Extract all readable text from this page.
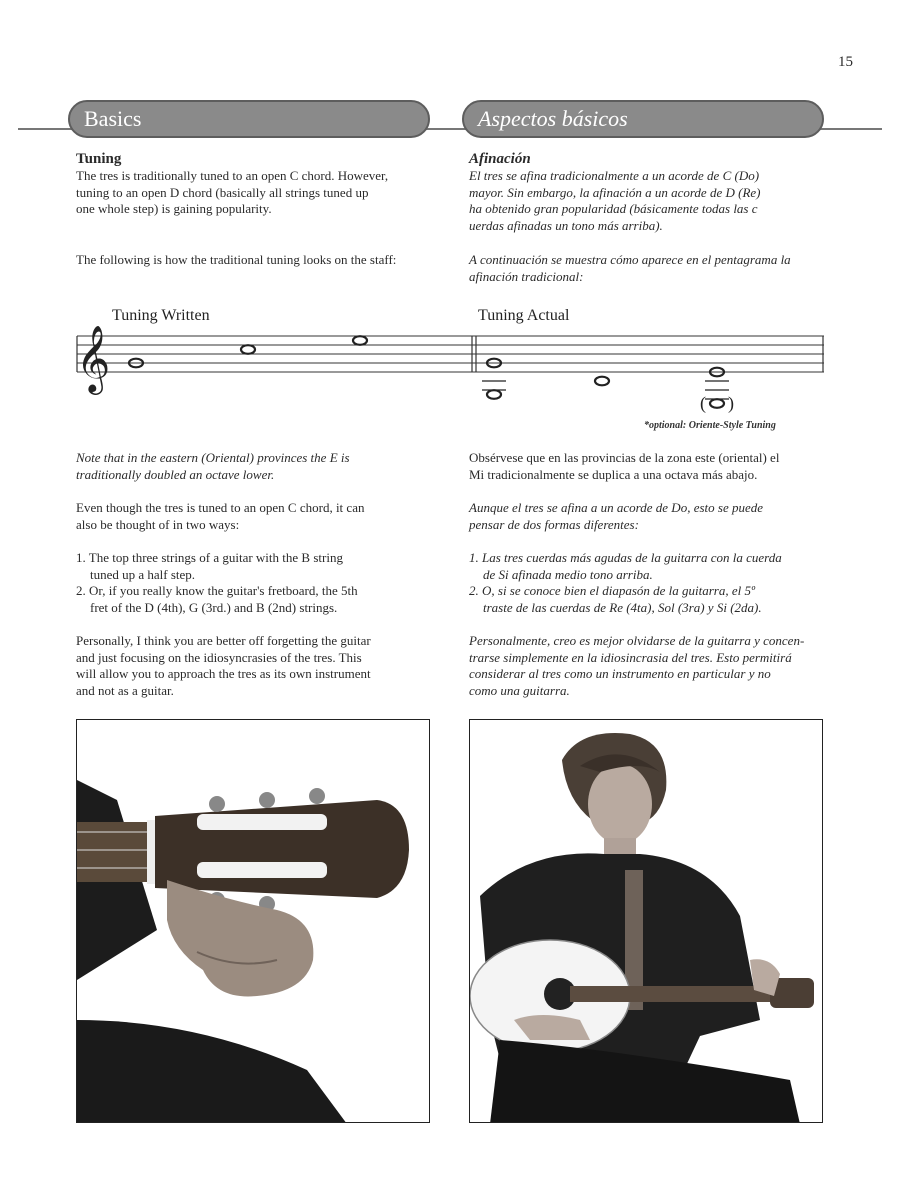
15
Basics	Aspectos básicos

Tuning

The tres is traditionally tuned to an open C chord. However,

tuning to an open D chord (basically all strings tuned up

one whole step) is gaining popularity.

The following is how the traditional tuning looks on the staff:

Afinación

El tres se afina tradicionalmente a un acorde de C (Do)

mayor. Sin embargo, la afinación a un acorde de D (Re)

ha obtenido gran popularidad (básicamente todas las c

uerdas afinadas un tono más arriba).

A continuación se muestra cómo aparece en el pentagrama la

afinación tradicional:

Tuning Written	Tuning Actual
𝄞
( )
*optional: Oriente-Style Tuning

Note that in the eastern (Oriental) provinces the E is

traditionally doubled an octave lower.

Even though the tres is tuned to an open C chord, it can

also be thought of in two ways:

1. The top three strings of a guitar with the B string

tuned up a half step.

2. Or, if you really know the guitar's fretboard, the 5th

fret of the D (4th), G (3rd.) and B (2nd) strings.

Personally, I think you are better off forgetting the guitar

and just focusing on the idiosyncrasies of the tres. This

will allow you to approach the tres as its own instrument

and not as a guitar.

Obsérvese que en las provincias de la zona este (oriental) el

Mi tradicionalmente se duplica a una octava más abajo.

Aunque el tres se afina a un acorde de Do, esto se puede

pensar de dos formas diferentes:

1. Las tres cuerdas más agudas de la guitarra con la cuerda

de Si afinada medio tono arriba.

2. O, si se conoce bien el diapasón de la guitarra, el 5º

traste de las cuerdas de Re (4ta), Sol (3ra) y Si (2da).

Personalmente, creo es mejor olvidarse de la guitarra y concen-

trarse simplemente en la idiosincrasia del tres. Esto permitirá

considerar al tres como un instrumento en particular y no

como una guitarra.
